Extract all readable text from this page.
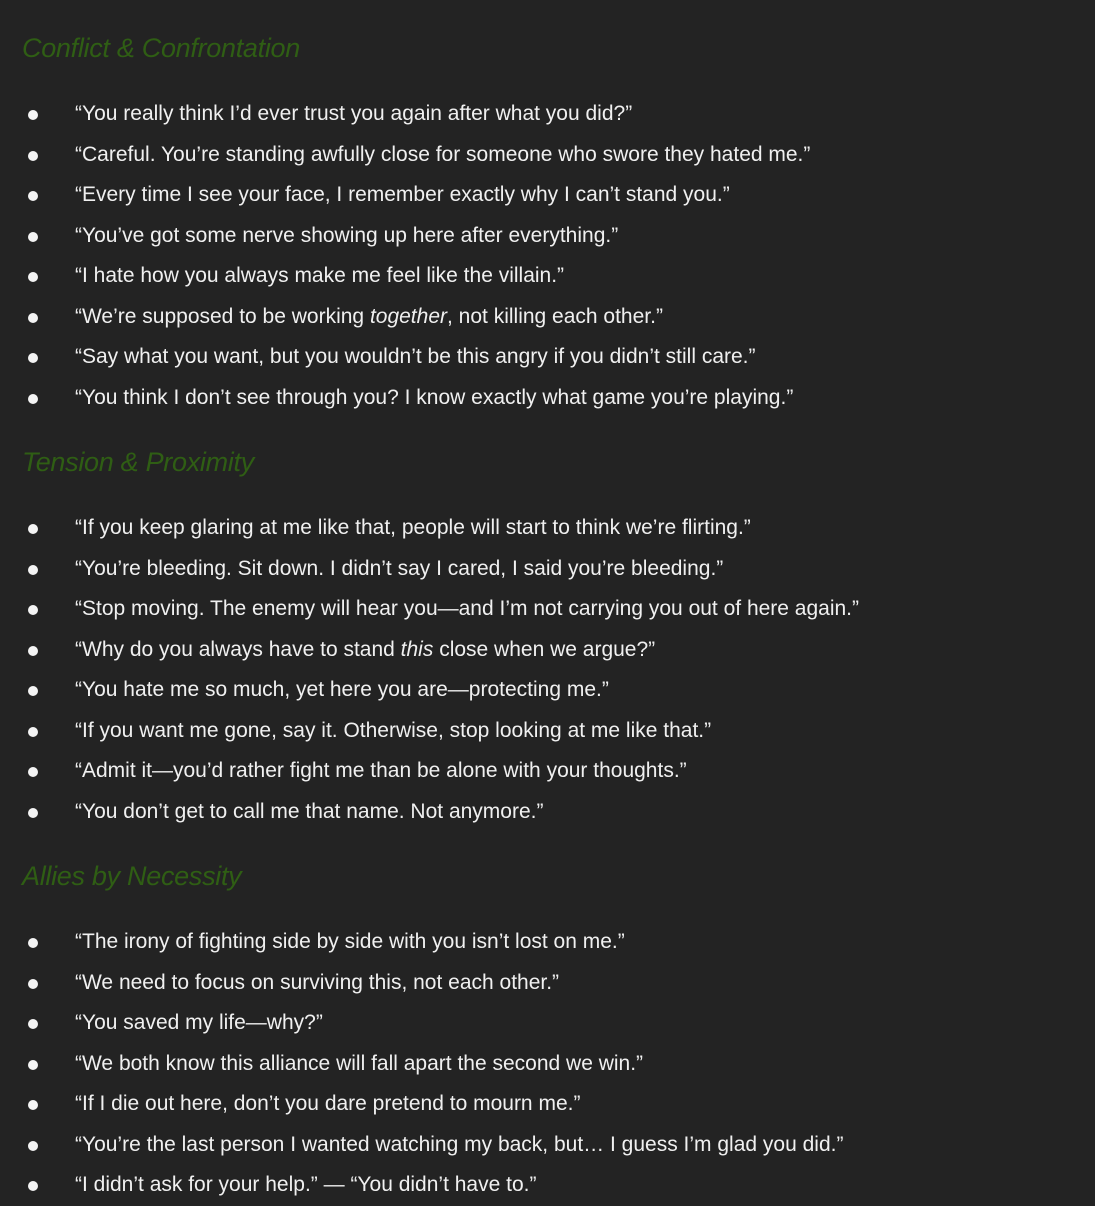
Conflict & Confrontation
“You really think I’d ever trust you again after what you did?”
“Careful. You’re standing awfully close for someone who swore they hated me.”
“Every time I see your face, I remember exactly why I can’t stand you.”
“You’ve got some nerve showing up here after everything.”
“I hate how you always make me feel like the villain.”
“We’re supposed to be working together, not killing each other.”
“Say what you want, but you wouldn’t be this angry if you didn’t still care.”
“You think I don’t see through you? I know exactly what game you’re playing.”
Tension & Proximity
“If you keep glaring at me like that, people will start to think we’re flirting.”
“You’re bleeding. Sit down. I didn’t say I cared, I said you’re bleeding.”
“Stop moving. The enemy will hear you—and I’m not carrying you out of here again.”
“Why do you always have to stand this close when we argue?”
“You hate me so much, yet here you are—protecting me.”
“If you want me gone, say it. Otherwise, stop looking at me like that.”
“Admit it—you’d rather fight me than be alone with your thoughts.”
“You don’t get to call me that name. Not anymore.”
Allies by Necessity
“The irony of fighting side by side with you isn’t lost on me.”
“We need to focus on surviving this, not each other.”
“You saved my life—why?”
“We both know this alliance will fall apart the second we win.”
“If I die out here, don’t you dare pretend to mourn me.”
“You’re the last person I wanted watching my back, but… I guess I’m glad you did.”
“I didn’t ask for your help.” — “You didn’t have to.”
